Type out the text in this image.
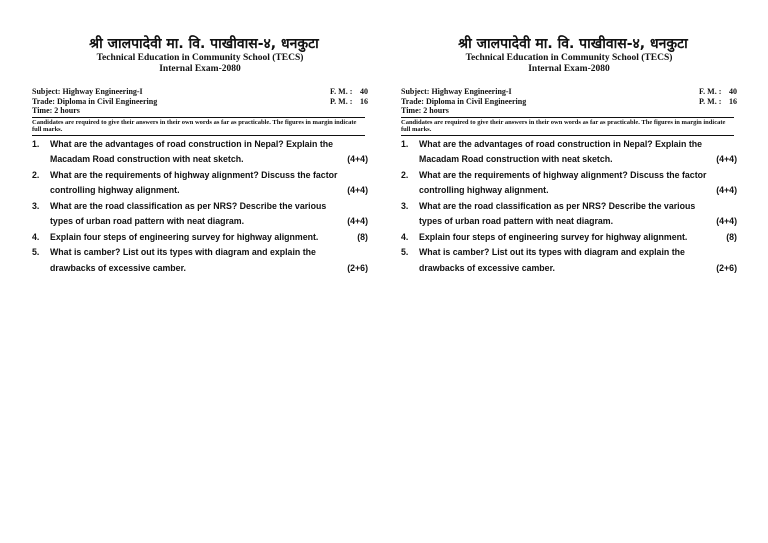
श्री जालपादेवी मा. वि. पाखीवास-४, धनकुटा
Technical Education in Community School (TECS)
Internal Exam-2080
Subject: Highway Engineering-I	F. M. : 40
Trade: Diploma in Civil Engineering	P. M. : 16
Time: 2 hours
Candidates are required to give their answers in their own words as far as practicable. The figures in margin indicate full marks.
1.	What are the advantages of road construction in Nepal? Explain the
Macadam Road construction with neat sketch.	(4+4)
2.	What are the requirements of highway alignment? Discuss the factor
controlling highway alignment.	(4+4)
3.	What are the road classification as per NRS? Describe the various
types of urban road pattern with neat diagram.	(4+4)
4.	Explain four steps of engineering survey for highway alignment.	(8)
5.	What is camber? List out its types with diagram and explain the
drawbacks of excessive camber.	(2+6)
श्री जालपादेवी मा. वि. पाखीवास-४, धनकुटा
Technical Education in Community School (TECS)
Internal Exam-2080
Subject: Highway Engineering-I	F. M. : 40
Trade: Diploma in Civil Engineering	P. M. : 16
Time: 2 hours
Candidates are required to give their answers in their own words as far as practicable. The figures in margin indicate full marks.
1.	What are the advantages of road construction in Nepal? Explain the
Macadam Road construction with neat sketch.	(4+4)
2.	What are the requirements of highway alignment? Discuss the factor
controlling highway alignment.	(4+4)
3.	What are the road classification as per NRS? Describe the various
types of urban road pattern with neat diagram.	(4+4)
4.	Explain four steps of engineering survey for highway alignment.	(8)
5.	What is camber? List out its types with diagram and explain the
drawbacks of excessive camber.	(2+6)
